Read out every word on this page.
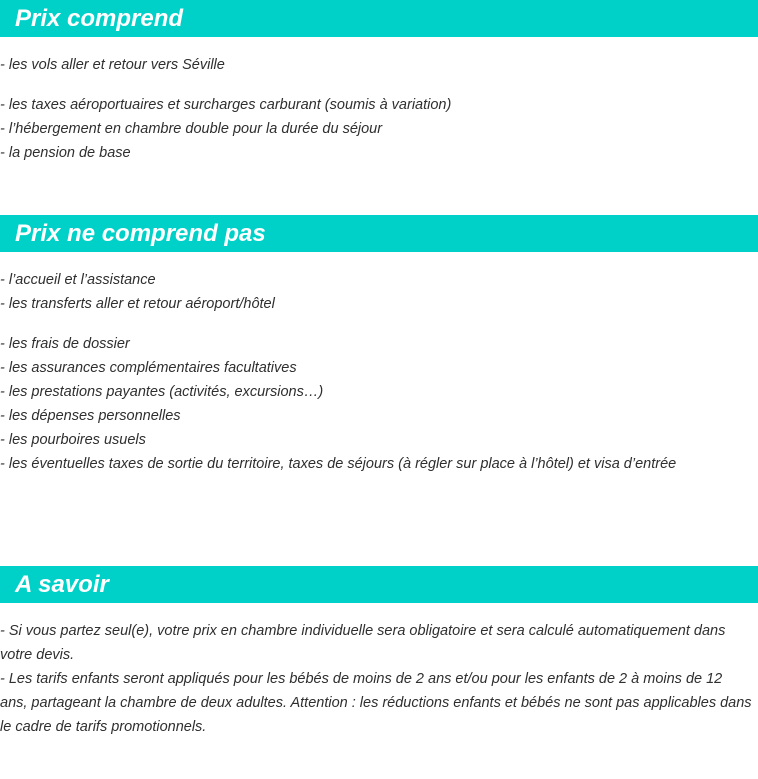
Prix comprend
- les vols aller et retour vers Séville
- les taxes aéroportuaires et surcharges carburant (soumis à variation)
- l’hébergement en chambre double pour la durée du séjour
- la pension de base
Prix ne comprend pas
- l’accueil et l’assistance
- les transferts aller et retour aéroport/hôtel
- les frais de dossier
- les assurances complémentaires facultatives
- les prestations payantes (activités, excursions…)
- les dépenses personnelles
- les pourboires usuels
- les éventuelles taxes de sortie du territoire, taxes de séjours (à régler sur place à l’hôtel) et visa d’entrée
A savoir

- Si vous partez seul(e), votre prix en chambre individuelle sera obligatoire et sera calculé automatiquement dans votre devis.

- Les tarifs enfants seront appliqués pour les bébés de moins de 2 ans et/ou pour les enfants de 2 à moins de 12 ans, partageant la chambre de deux adultes. Attention : les réductions enfants et bébés ne sont pas applicables dans le cadre de tarifs promotionnels.
